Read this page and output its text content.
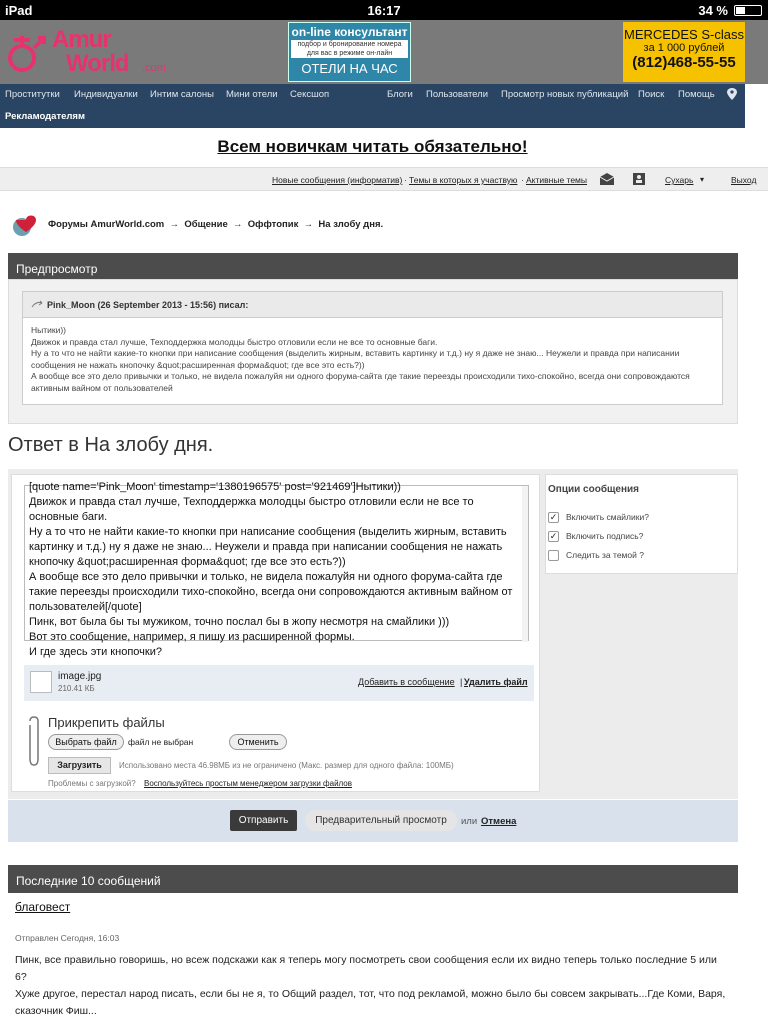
iPad	16:17	34 %
Amur
World .com
on-line консультант
подбор и бронирование номера для вас в режиме он-лайн
ОТЕЛИ НА ЧАС
MERCEDES S-class
за 1 000 рублей
(812)468-55-55
Проститутки Индивидуалки Интим салоны Мини отели Сексшоп	Блоги Пользователи Просмотр новых публикаций Поиск Помощь
Рекламодателям
Всем новичкам читать обязательно!
Новые сообщения (информатив) · Темы в которых я участвую · Активные темы	Сухарь ▾	Выход
Форумы AmurWorld.com → Общение → Оффтопик → На злобу дня.
Предпросмотр
Pink_Moon (26 September 2013 - 15:56) писал:
Нытики))
Движок и правда стал лучше, Техподдержка молодцы быстро отловили если не все то основные баги.
Ну а то что не найти какие-то кнопки при написание сообщения (выделить жирным, вставить картинку и т.д.) ну я даже не знаю... Неужели и правда при написании сообщения не нажать кнопочку &quot;расширенная форма&quot; где все это есть?))
А вообще все это дело привычки и только, не видела пожалуйя ни одного форума-сайта где такие переезды происходили тихо-спокойно, всегда они сопровождаются активным вайном от пользователей
Ответ в На злобу дня.
[quote name='Pink_Moon' timestamp='1380196575' post='921469']Нытики))
Движок и правда стал лучше, Техподдержка молодцы быстро отловили если не все то основные баги.
Ну а то что не найти какие-то кнопки при написание сообщения (выделить жирным, вставить картинку и т.д.) ну я даже не знаю... Неужели и правда при написании сообщения не нажать кнопочку &quot;расширенная форма&quot; где все это есть?))
А вообще все это дело привычки и только, не видела пожалуйя ни одного форума-сайта где такие переезды происходили тихо-спокойно, всегда они сопровождаются активным вайном от пользователей[/quote]
Пинк, вот была бы ты мужиком, точно послал бы в жопу несмотря на смайлики )))
Вот это сообщение, например, я пишу из расширенной формы.
И где здесь эти кнопочки?
image.jpg
210.41 КБ
Добавить в сообщение | Удалить файл
Прикрепить файлы
Выбрать файл	файл не выбран	Отменить
Загрузить	Использовано места 46.98МБ из не ограничено (Макс. размер для одного файла: 100МБ)
Проблемы с загрузкой? Воспользуйтесь простым менеджером загрузки файлов
Опции сообщения
✓ Включить смайлики?
✓ Включить подпись?
Следить за темой ?
Отправить	Предварительный просмотр	или Отмена
Последние 10 сообщений
благовест
Отправлен Сегодня, 16:03
Пинк, все правильно говоришь, но всеж подскажи как я теперь могу посмотреть свои сообщения если их видно теперь только последние 5 или 6?
Хуже другое, перестал народ писать, если бы не я, то Общий раздел, тот, что под рекламой, можно было бы совсем закрывать...Где Коми, Варя, сказочник Фиш...
